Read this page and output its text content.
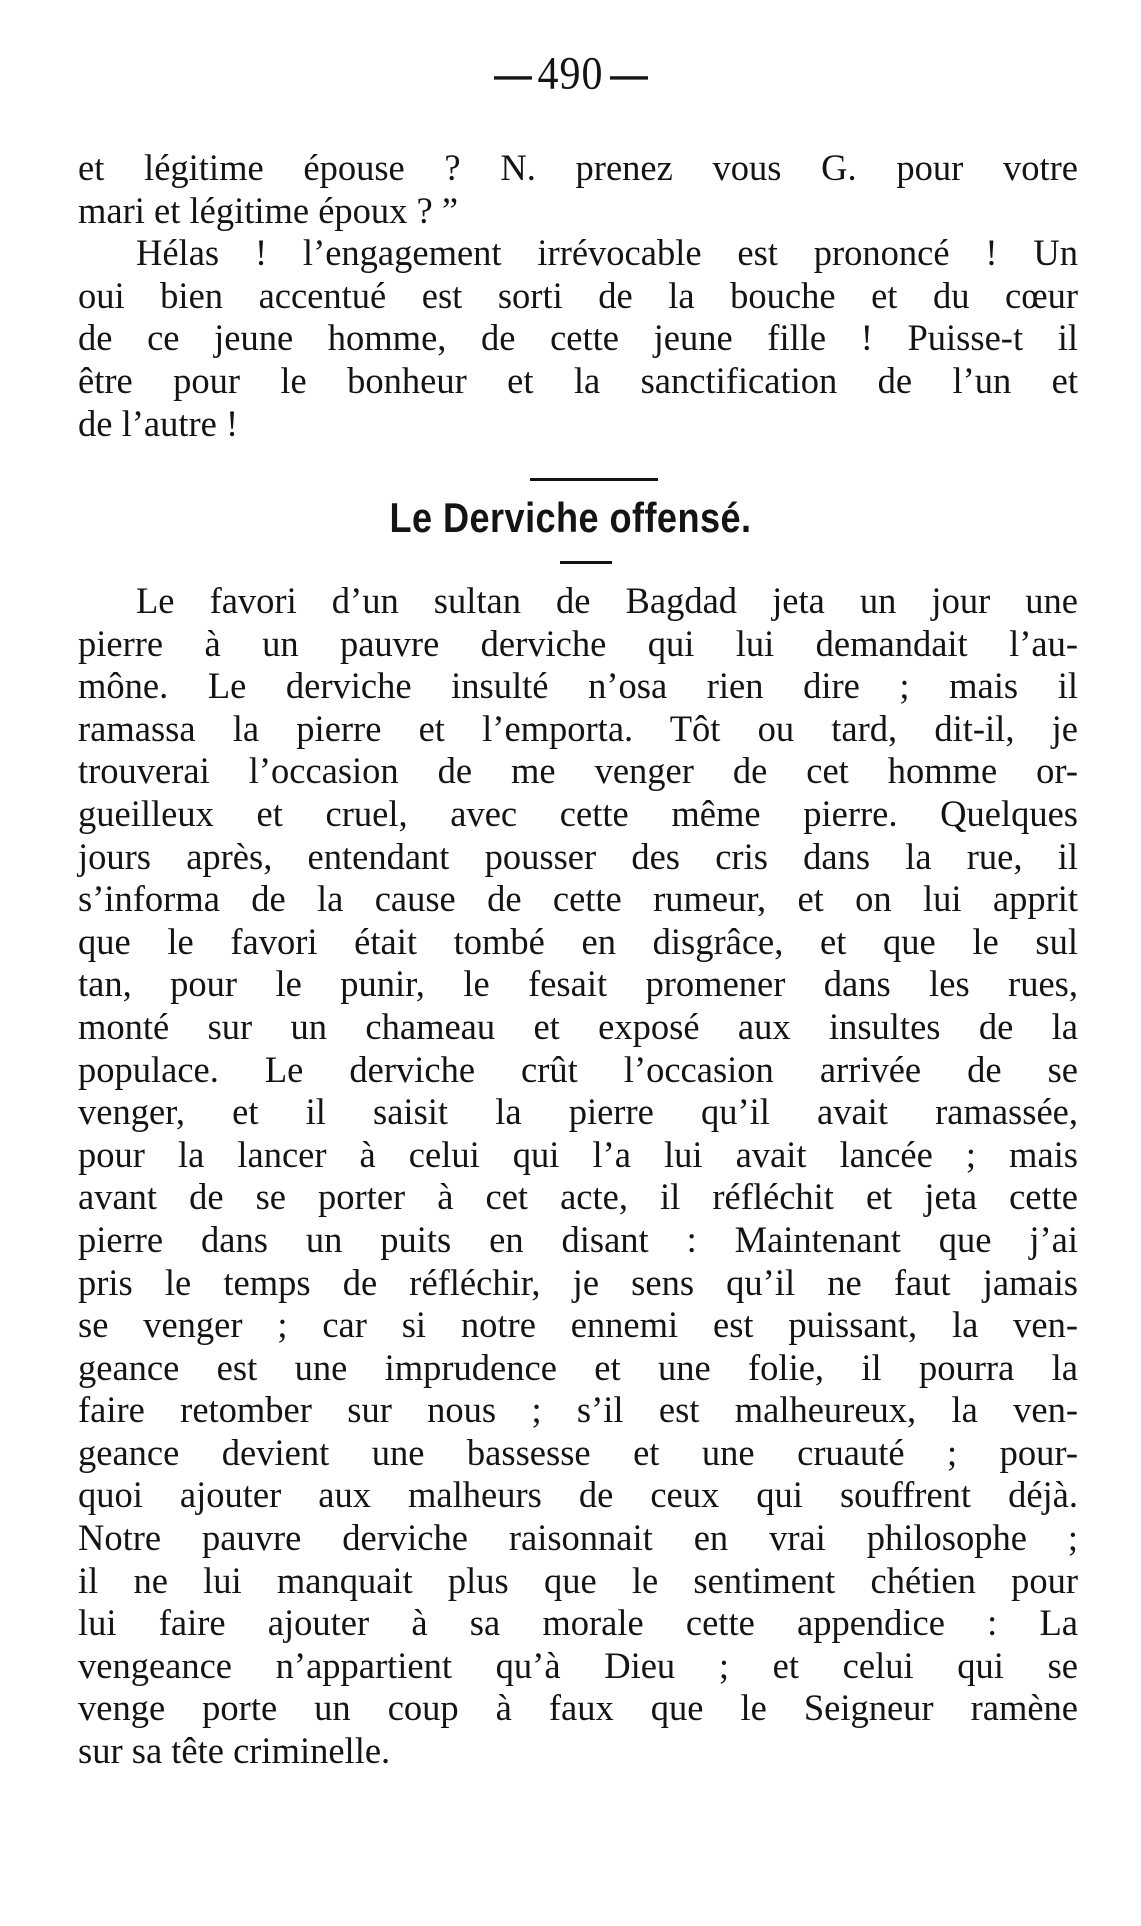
490
et légitime épouse ? N. prenez vous G. pour votre
mari et légitime époux ? ”
Hélas ! l’engagement irrévocable est prononcé ! Un
oui bien accentué est sorti de la bouche et du cœur
de ce jeune homme, de cette jeune fille ! Puisse-t il
être pour le bonheur et la sanctification de l’un et
de l’autre !
Le Derviche offensé.
Le favori d’un sultan de Bagdad jeta un jour une
pierre à un pauvre derviche qui lui demandait l’au-
mône. Le derviche insulté n’osa rien dire ; mais il
ramassa la pierre et l’emporta. Tôt ou tard, dit-il, je
trouverai l’occasion de me venger de cet homme or-
gueilleux et cruel, avec cette même pierre. Quelques
jours après, entendant pousser des cris dans la rue, il
s’informa de la cause de cette rumeur, et on lui apprit
que le favori était tombé en disgrâce, et que le sul
tan, pour le punir, le fesait promener dans les rues,
monté sur un chameau et exposé aux insultes de la
populace. Le derviche crût l’occasion arrivée de se
venger, et il saisit la pierre qu’il avait ramassée,
pour la lancer à celui qui l’a lui avait lancée ; mais
avant de se porter à cet acte, il réfléchit et jeta cette
pierre dans un puits en disant : Maintenant que j’ai
pris le temps de réfléchir, je sens qu’il ne faut jamais
se venger ; car si notre ennemi est puissant, la ven-
geance est une imprudence et une folie, il pourra la
faire retomber sur nous ; s’il est malheureux, la ven-
geance devient une bassesse et une cruauté ; pour-
quoi ajouter aux malheurs de ceux qui souffrent déjà.
Notre pauvre derviche raisonnait en vrai philosophe ;
il ne lui manquait plus que le sentiment chétien pour
lui faire ajouter à sa morale cette appendice : La
vengeance n’appartient qu’à Dieu ; et celui qui se
venge porte un coup à faux que le Seigneur ramène
sur sa tête criminelle.
